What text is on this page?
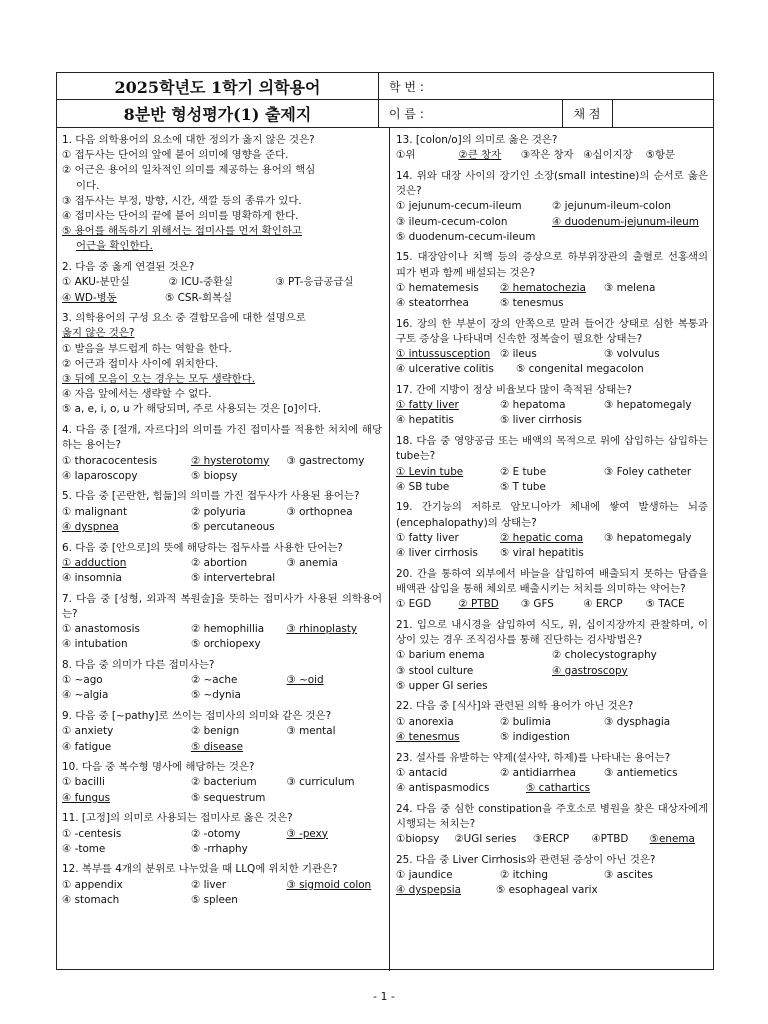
2025학년도 1학기 의학용어	학 번 :
8분반 형성평가(1) 출제지	이 름 :	채 점
1. 다음 의학용어의 요소에 대한 정의가 옳지 않은 것은?
① 접두사는 단어의 앞에 붙어 의미에 영향을 준다.
② 어근은 용어의 일차적인 의미를 제공하는 용어의 핵심
이다.
③ 접두사는 부정, 방향, 시간, 색깔 등의 종류가 있다.
④ 접미사는 단어의 끝에 붙어 의미를 명확하게 한다.
⑤ 용어를 해독하기 위해서는 접미사를 먼저 확인하고
어근을 확인한다.
2. 다음 중 옳게 연결된 것은?
① AKU-분만실	② ICU-중환실	③ PT-응급공급실
④ WD-병동	⑤ CSR-회복실
3. 의학용어의 구성 요소 중 결합모음에 대한 설명으로
옳지 않은 것은?
① 발음을 부드럽게 하는 역할을 한다.
② 어근과 접미사 사이에 위치한다.
③ 뒤에 모음이 오는 경우는 모두 생략한다.
④ 자음 앞에서는 생략할 수 없다.
⑤ a, e, i, o, u 가 해당되며, 주로 사용되는 것은 [o]이다.
4. 다음 중 [절개, 자르다]의 의미를 가진 접미사를 적용한 처치에 해당하는 용어는?
① thoracocentesis	② hysterotomy	③ gastrectomy
④ laparoscopy	⑤ biopsy
5. 다음 중 [곤란한, 힘듦]의 의미를 가진 접두사가 사용된 용어는?
① malignant	② polyuria	③ orthopnea
④ dyspnea	⑤ percutaneous
6. 다음 중 [안으로]의 뜻에 해당하는 접두사를 사용한 단어는?
① adduction	② abortion	③ anemia
④ insomnia	⑤ intervertebral
7. 다음 중 [성형, 외과적 복원술]을 뜻하는 접미사가 사용된 의학용어는?
① anastomosis	② hemophillia	③ rhinoplasty
④ intubation	⑤ orchiopexy
8. 다음 중 의미가 다른 접미사는?
① ~ago	② ~ache	③ ~oid
④ ~algia	⑤ ~dynia
9. 다음 중 [~pathy]로 쓰이는 접미사의 의미와 같은 것은?
① anxiety	② benign	③ mental
④ fatigue	⑤ disease
10. 다음 중 복수형 명사에 해당하는 것은?
① bacilli	② bacterium	③ curriculum
④ fungus	⑤ sequestrum
11. [고정]의 의미로 사용되는 접미사로 옳은 것은?
① -centesis	② -otomy	③ -pexy
④ -tome	⑤ -rrhaphy
12. 복부를 4개의 분위로 나누었을 때 LLQ에 위치한 기관은?
① appendix	② liver	③ sigmoid colon
④ stomach	⑤ spleen
13. [colon/o]의 의미로 옳은 것은?
①위	②큰 창자	③작은 창자 ④십이지장	⑤항문
14. 위와 대장 사이의 장기인 소장(small intestine)의 순서로 옳은 것은?
① jejunum-cecum-ileum	② jejunum-ileum-colon
③ ileum-cecum-colon	④ duodenum-jejunum-ileum
⑤ duodenum-cecum-ileum
15. 대장암이나 치핵 등의 증상으로 하부위장관의 출혈로 선홍색의 피가 변과 함께 배설되는 것은?
① hematemesis	② hematochezia	③ melena
④ steatorrhea	⑤ tenesmus
16. 장의 한 부분이 장의 안쪽으로 말려 들어간 상태로 심한 복통과 구토 증상을 나타내며 신속한 정복술이 필요한 상태는?
① intussusception ② ileus	③ volvulus
④ ulcerative colitis	⑤ congenital megacolon
17. 간에 지방이 정상 비율보다 많이 축적된 상태는?
① fatty liver	② hepatoma	③ hepatomegaly
④ hepatitis	⑤ liver cirrhosis
18. 다음 중 영양공급 또는 배액의 목적으로 위에 삽입하는 삽입하는 tube는?
① Levin tube	② E tube	③ Foley catheter
④ SB tube	⑤ T tube
19. 간기능의 저하로 암모니아가 체내에 쌓여 발생하는 뇌증(encephalopathy)의 상태는?
① fatty liver	② hepatic coma	③ hepatomegaly
④ liver cirrhosis	⑤ viral hepatitis
20. 간을 통하여 외부에서 바늘을 삽입하여 배출되지 못하는 담즙을 배액관 삽입을 통해 체외로 배출시키는 처치를 의미하는 약어는?
① EGD	② PTBD	③ GFS	④ ERCP	⑤ TACE
21. 입으로 내시경을 삽입하여 식도, 위, 십이지장까지 관찰하며, 이상이 있는 경우 조직검사를 통해 진단하는 검사방법은?
① barium enema	② cholecystography
③ stool culture	④ gastroscopy
⑤ upper GI series
22. 다음 중 [식사]와 관련된 의학 용어가 아닌 것은?
① anorexia	② bulimia	③ dysphagia
④ tenesmus	⑤ indigestion
23. 설사를 유발하는 약제(설사약, 하제)를 나타내는 용어는?
① antacid	② antidiarrhea	③ antiemetics
④ antispasmodics	⑤ cathartics
24. 다음 중 심한 constipation을 주호소로 병원을 찾은 대상자에게 시행되는 처치는?
①biopsy	②UGI series	③ERCP	④PTBD	⑤enema
25. 다음 중 Liver Cirrhosis와 관련된 증상이 아닌 것은?
① jaundice	② itching	③ ascites
④ dyspepsia	⑤ esophageal varix
- 1 -
